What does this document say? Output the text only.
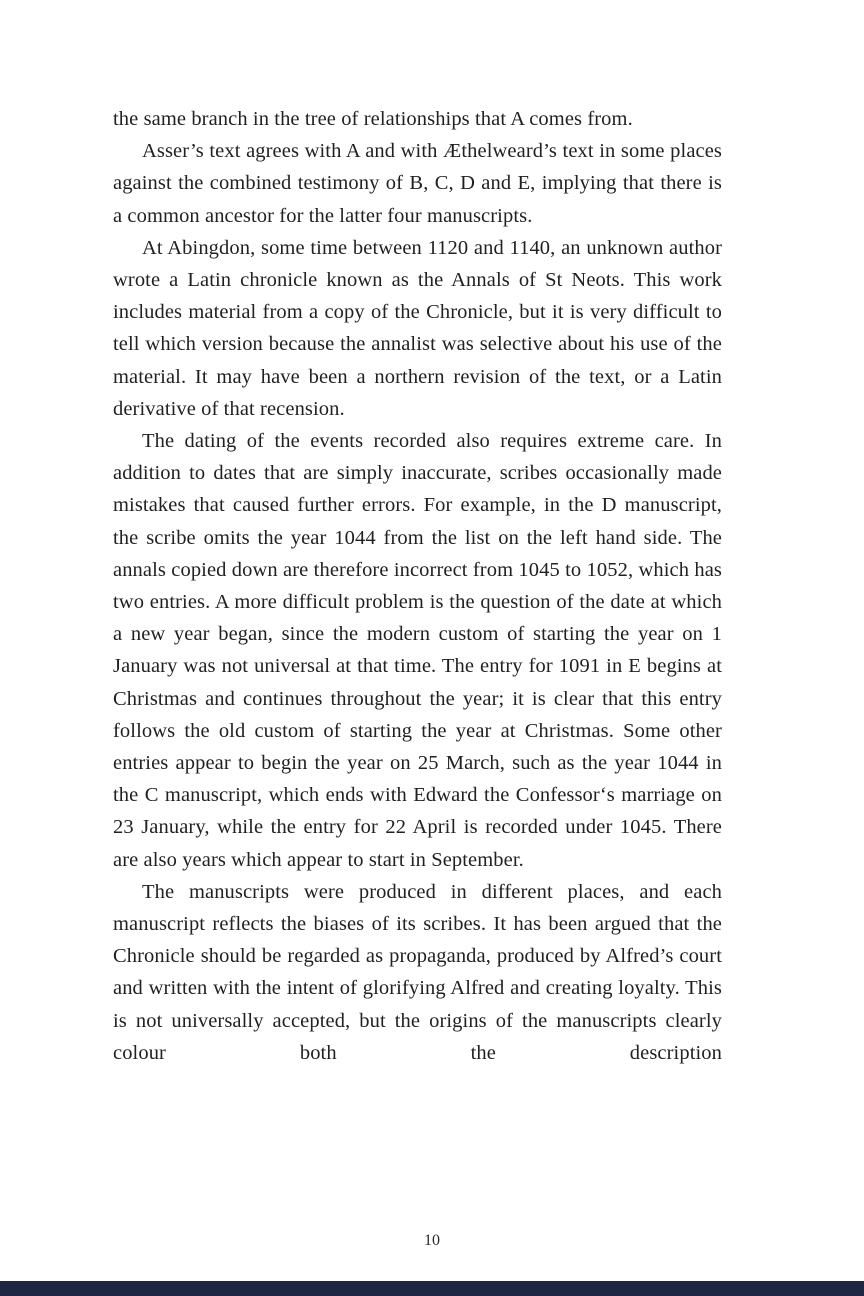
the same branch in the tree of relationships that A comes from.

Asser’s text agrees with A and with Æthelweard’s text in some places against the combined testimony of B, C, D and E, implying that there is a common ancestor for the latter four manuscripts.

At Abingdon, some time between 1120 and 1140, an unknown author wrote a Latin chronicle known as the Annals of St Neots. This work includes material from a copy of the Chronicle, but it is very difficult to tell which version because the annalist was selective about his use of the material. It may have been a northern revision of the text, or a Latin derivative of that recension.

The dating of the events recorded also requires extreme care. In addition to dates that are simply inaccurate, scribes occasionally made mistakes that caused further errors. For example, in the D manuscript, the scribe omits the year 1044 from the list on the left hand side. The annals copied down are therefore incorrect from 1045 to 1052, which has two entries. A more difficult problem is the question of the date at which a new year began, since the modern custom of starting the year on 1 January was not universal at that time. The entry for 1091 in E begins at Christmas and continues throughout the year; it is clear that this entry follows the old custom of starting the year at Christmas. Some other entries appear to begin the year on 25 March, such as the year 1044 in the C manuscript, which ends with Edward the Confessor‘s marriage on 23 January, while the entry for 22 April is recorded under 1045. There are also years which appear to start in September.

The manuscripts were produced in different places, and each manuscript reflects the biases of its scribes. It has been argued that the Chronicle should be regarded as propaganda, produced by Alfred’s court and written with the intent of glorifying Alfred and creating loyalty. This is not universally accepted, but the origins of the manuscripts clearly colour both the description

10
